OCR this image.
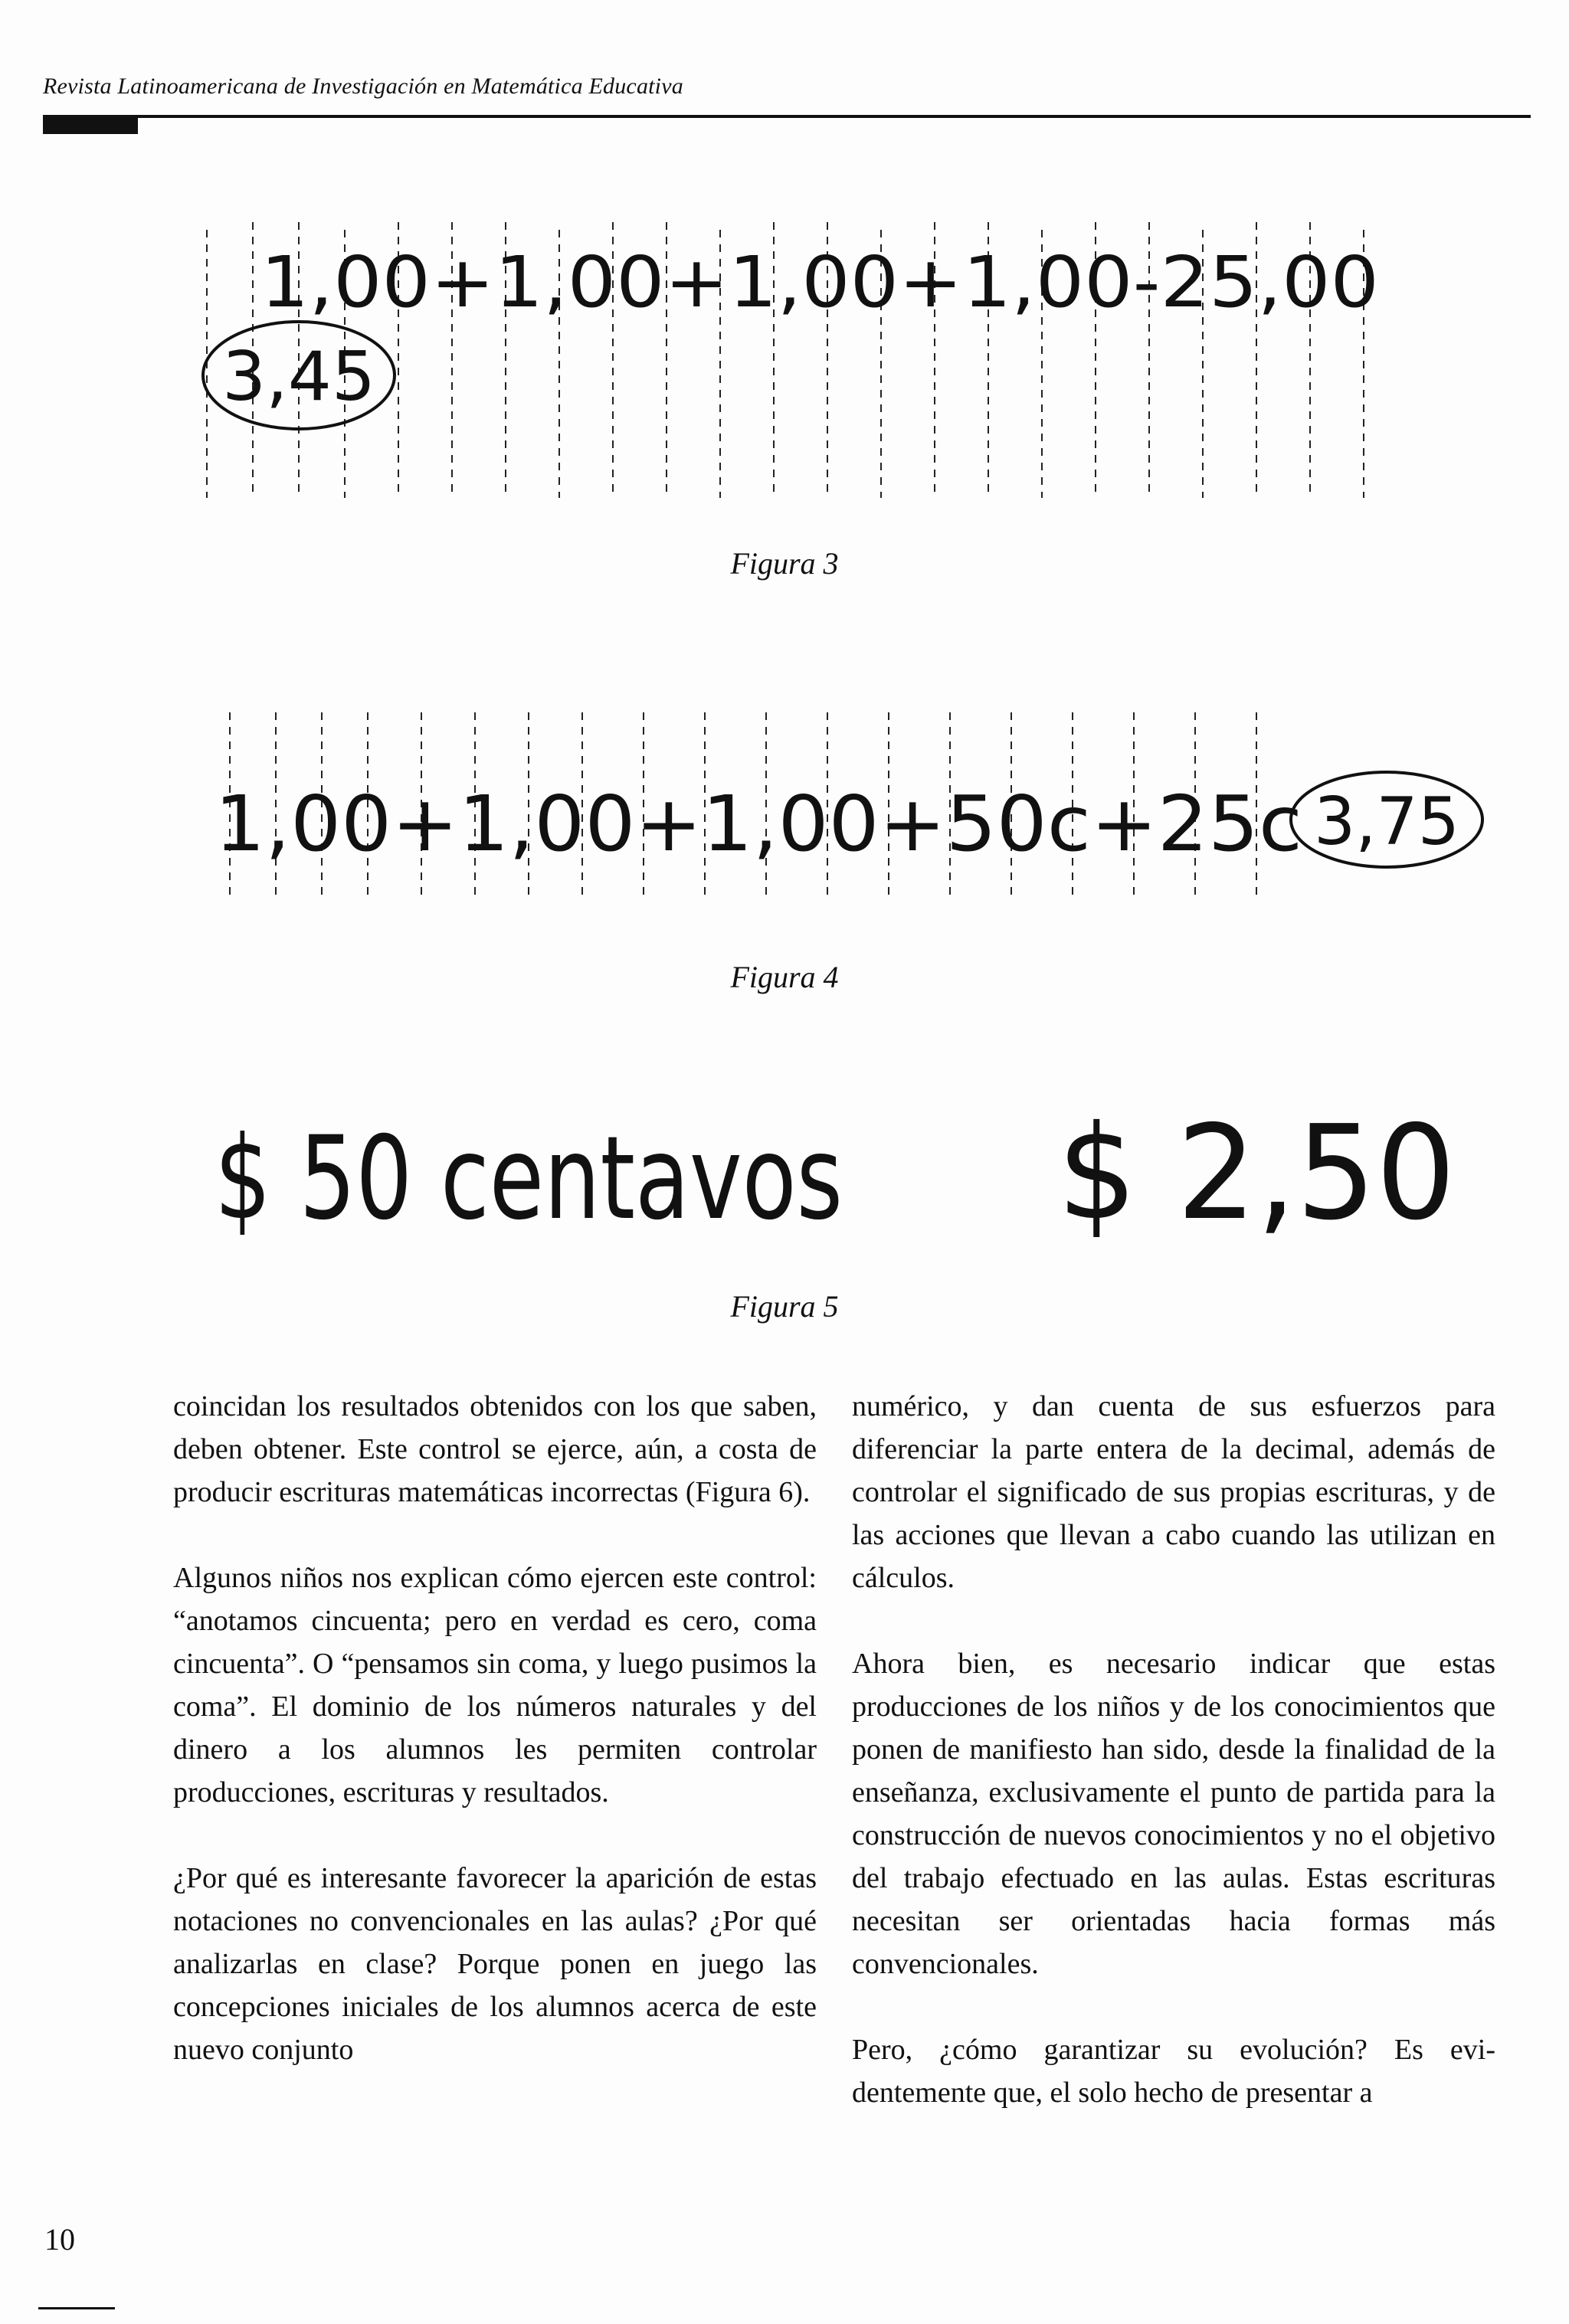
Revista Latinoamericana de Investigación en Matemática Educativa
1,00+1,00+1,00+1,00-25,00
3,45
Figura 3
1,00+1,00+1,00+50c+25c 3,75
Figura 4
$ 50 centavos $ 2,50
Figura 5

coincidan los resultados obtenidos con los que saben, deben obtener. Este control se ejerce, aún, a costa de producir escrituras matemáticas incorrectas (Figura 6).

Algunos niños nos explican cómo ejercen este control: “anotamos cincuenta; pero en verdad es cero, coma cincuenta”. O “pensamos sin coma, y luego pusimos la coma”. El dominio de los números naturales y del dinero a los alumnos les permiten controlar producciones, escrituras y resultados.

¿Por qué es interesante favorecer la aparición de estas notaciones no convencionales en las aulas? ¿Por qué analizarlas en clase? Porque ponen en juego las concepciones iniciales de los alumnos acerca de este nuevo conjunto

numérico, y dan cuenta de sus esfuerzos para diferenciar la parte entera de la decimal, además de controlar el significado de sus propias escrituras, y de las acciones que llevan a cabo cuando las utilizan en cálculos.

Ahora bien, es necesario indicar que estas producciones de los niños y de los conocimientos que ponen de manifiesto han sido, desde la finalidad de la enseñanza, exclusivamente el punto de partida para la construcción de nuevos conocimientos y no el objetivo del trabajo efectuado en las aulas. Estas escrituras necesitan ser orientadas hacia formas más convencionales.

Pero, ¿cómo garantizar su evolución? Es evidentemente que, el solo hecho de presentar a

10
